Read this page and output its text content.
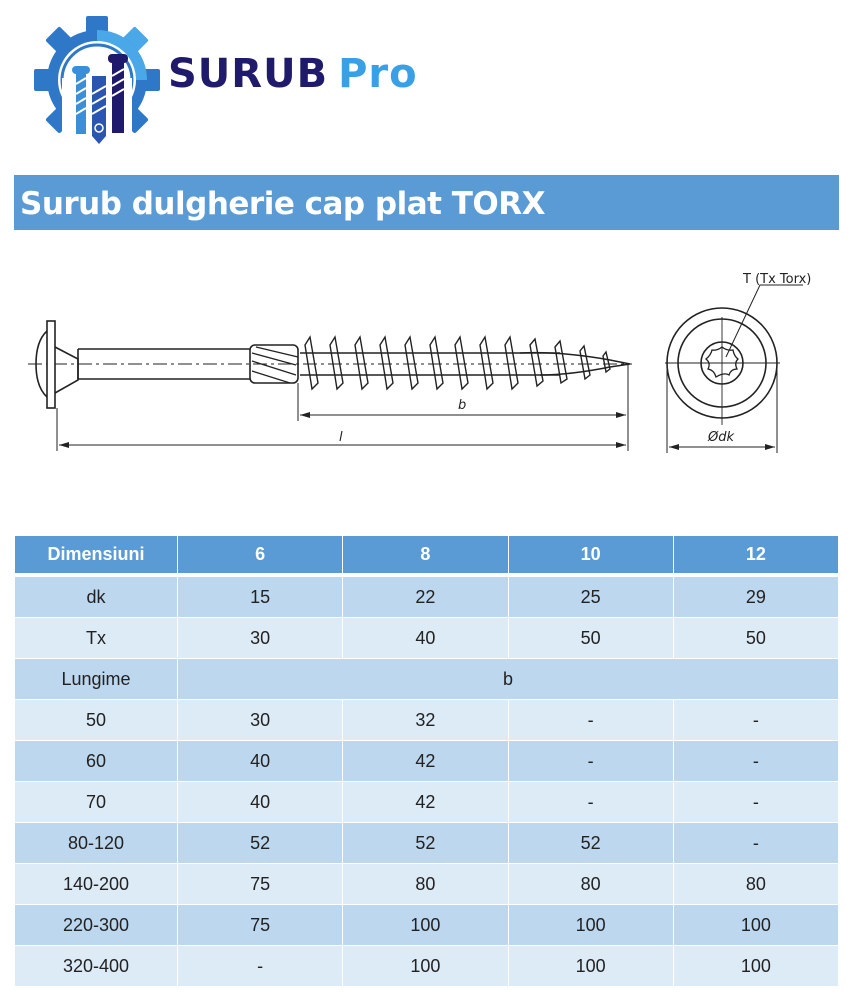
SURUB Pro
Surub dulgherie cap plat TORX
b
l	Ødk
T (Tx Torx)
Dimensiuni	6	8	10	12
dk	15	22	25	29
Tx	30	40	50	50
Lungime	b			
50	30	32	-	-
60	40	42	-	-
70	40	42	-	-
80-120	52	52	52	-
140-200	75	80	80	80
220-300	75	100	100	100
320-400	-	100	100	100
